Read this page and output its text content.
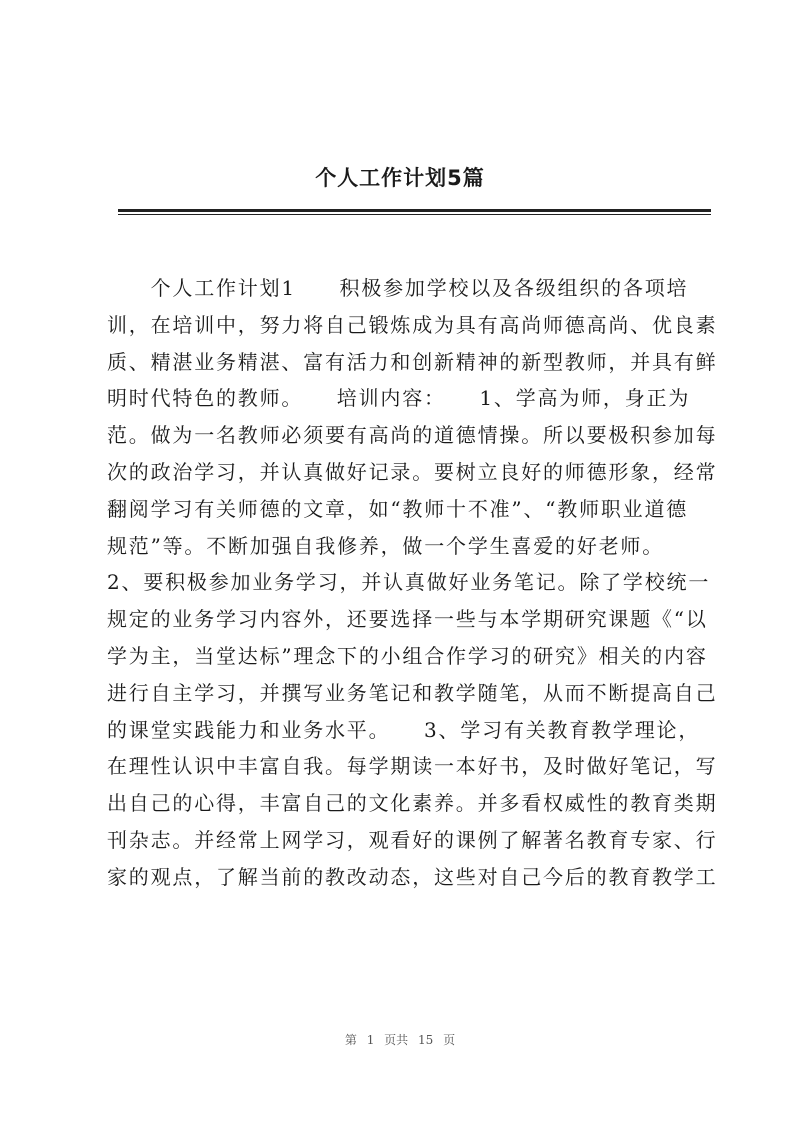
个人工作计划5篇
　　个人工作计划1　　积极参加学校以及各级组织的各项培
训，在培训中，努力将自己锻炼成为具有高尚师德高尚、优良素
质、精湛业务精湛、富有活力和创新精神的新型教师，并具有鲜
明时代特色的教师。　　培训内容：　　1、学高为师，身正为
范。做为一名教师必须要有高尚的道德情操。所以要极积参加每
次的政治学习，并认真做好记录。要树立良好的师德形象，经常
翻阅学习有关师德的文章，如“教师十不准”、“教师职业道德
规范”等。不断加强自我修养，做一个学生喜爱的好老师。
2、要积极参加业务学习，并认真做好业务笔记。除了学校统一
规定的业务学习内容外，还要选择一些与本学期研究课题《“以
学为主，当堂达标”理念下的小组合作学习的研究》相关的内容
进行自主学习，并撰写业务笔记和教学随笔，从而不断提高自己
的课堂实践能力和业务水平。　　3、学习有关教育教学理论，
在理性认识中丰富自我。每学期读一本好书，及时做好笔记，写
出自己的心得，丰富自己的文化素养。并多看权威性的教育类期
刊杂志。并经常上网学习，观看好的课例了解著名教育专家、行
家的观点，了解当前的教改动态，这些对自己今后的教育教学工
第 1 页共 15 页
